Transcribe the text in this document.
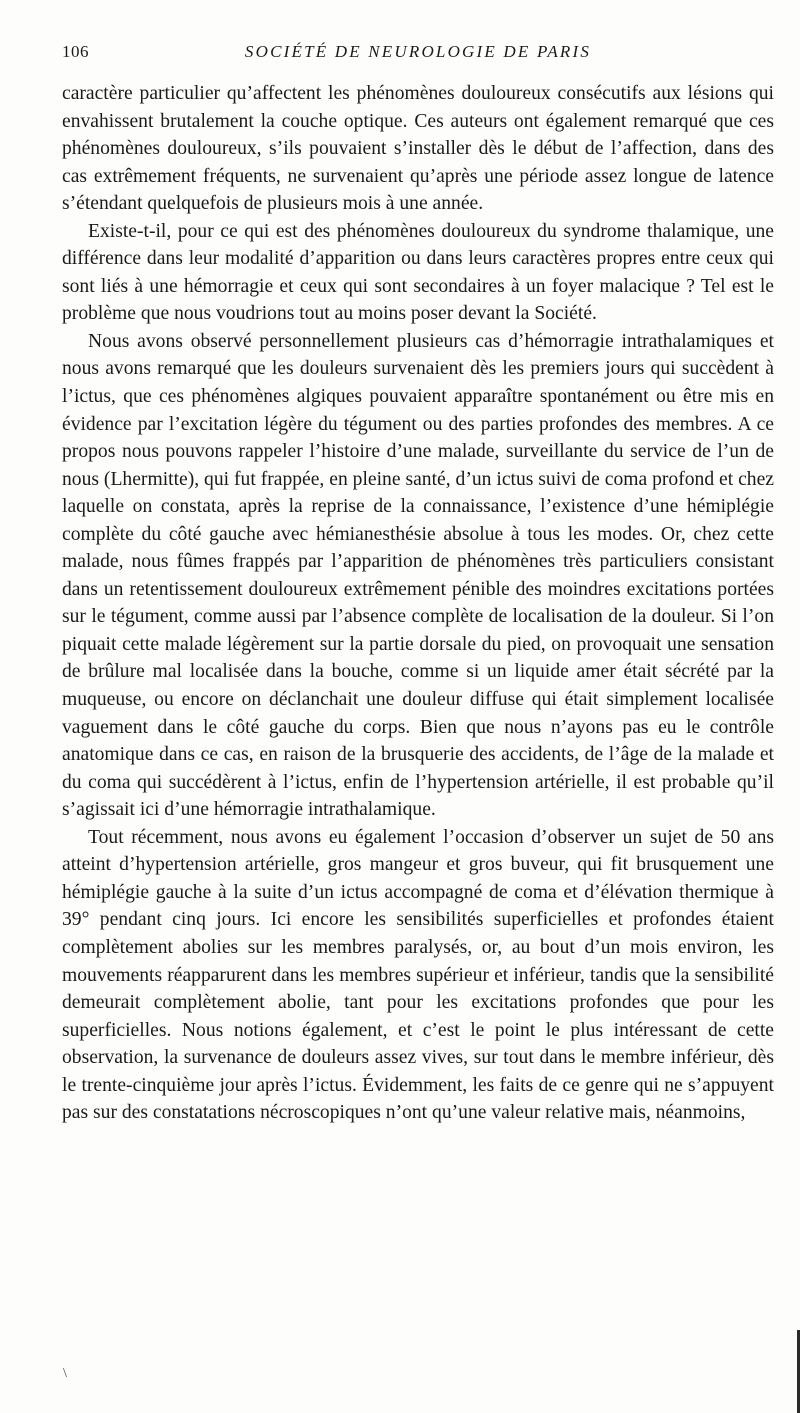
106	SOCIÉTÉ DE NEUROLOGIE DE PARIS

caractère particulier qu’affectent les phénomènes douloureux consécutifs aux lésions qui envahissent brutalement la couche optique. Ces auteurs ont également remarqué que ces phénomènes douloureux, s’ils pouvaient s’installer dès le début de l’affection, dans des cas extrêmement fréquents, ne survenaient qu’après une période assez longue de latence s’étendant quelquefois de plusieurs mois à une année.

Existe-t-il, pour ce qui est des phénomènes douloureux du syndrome thalamique, une différence dans leur modalité d’apparition ou dans leurs caractères propres entre ceux qui sont liés à une hémorragie et ceux qui sont secondaires à un foyer malacique ? Tel est le problème que nous voudrions tout au moins poser devant la Société.

Nous avons observé personnellement plusieurs cas d’hémorragie intrathalamiques et nous avons remarqué que les douleurs survenaient dès les premiers jours qui succèdent à l’ictus, que ces phénomènes algiques pouvaient apparaître spontanément ou être mis en évidence par l’excitation légère du tégument ou des parties profondes des membres. A ce propos nous pouvons rappeler l’histoire d’une malade, surveillante du service de l’un de nous (Lhermitte), qui fut frappée, en pleine santé, d’un ictus suivi de coma profond et chez laquelle on constata, après la reprise de la connaissance, l’existence d’une hémiplégie complète du côté gauche avec hémianesthésie absolue à tous les modes. Or, chez cette malade, nous fûmes frappés par l’apparition de phénomènes très particuliers consistant dans un retentissement douloureux extrêmement pénible des moindres excitations portées sur le tégument, comme aussi par l’absence complète de localisation de la douleur. Si l’on piquait cette malade légèrement sur la partie dorsale du pied, on provoquait une sensation de brûlure mal localisée dans la bouche, comme si un liquide amer était sécrété par la muqueuse, ou encore on déclanchait une douleur diffuse qui était simplement localisée vaguement dans le côté gauche du corps. Bien que nous n’ayons pas eu le contrôle anatomique dans ce cas, en raison de la brusquerie des accidents, de l’âge de la malade et du coma qui succédèrent à l’ictus, enfin de l’hypertension artérielle, il est probable qu’il s’agissait ici d’une hémorragie intrathalamique.

Tout récemment, nous avons eu également l’occasion d’observer un sujet de 50 ans atteint d’hypertension artérielle, gros mangeur et gros buveur, qui fit brusquement une hémiplégie gauche à la suite d’un ictus accompagné de coma et d’élévation thermique à 39° pendant cinq jours. Ici encore les sensibilités superficielles et profondes étaient complètement abolies sur les membres paralysés, or, au bout d’un mois environ, les mouvements réapparurent dans les membres supérieur et inférieur, tandis que la sensibilité demeurait complètement abolie, tant pour les excitations profondes que pour les superficielles. Nous notions également, et c’est le point le plus intéressant de cette observation, la survenance de douleurs assez vives, sur tout dans le membre inférieur, dès le trente-cinquième jour après l’ictus. Évidemment, les faits de ce genre qui ne s’appuyent pas sur des constatations nécroscopiques n’ont qu’une valeur relative mais, néanmoins,

\
